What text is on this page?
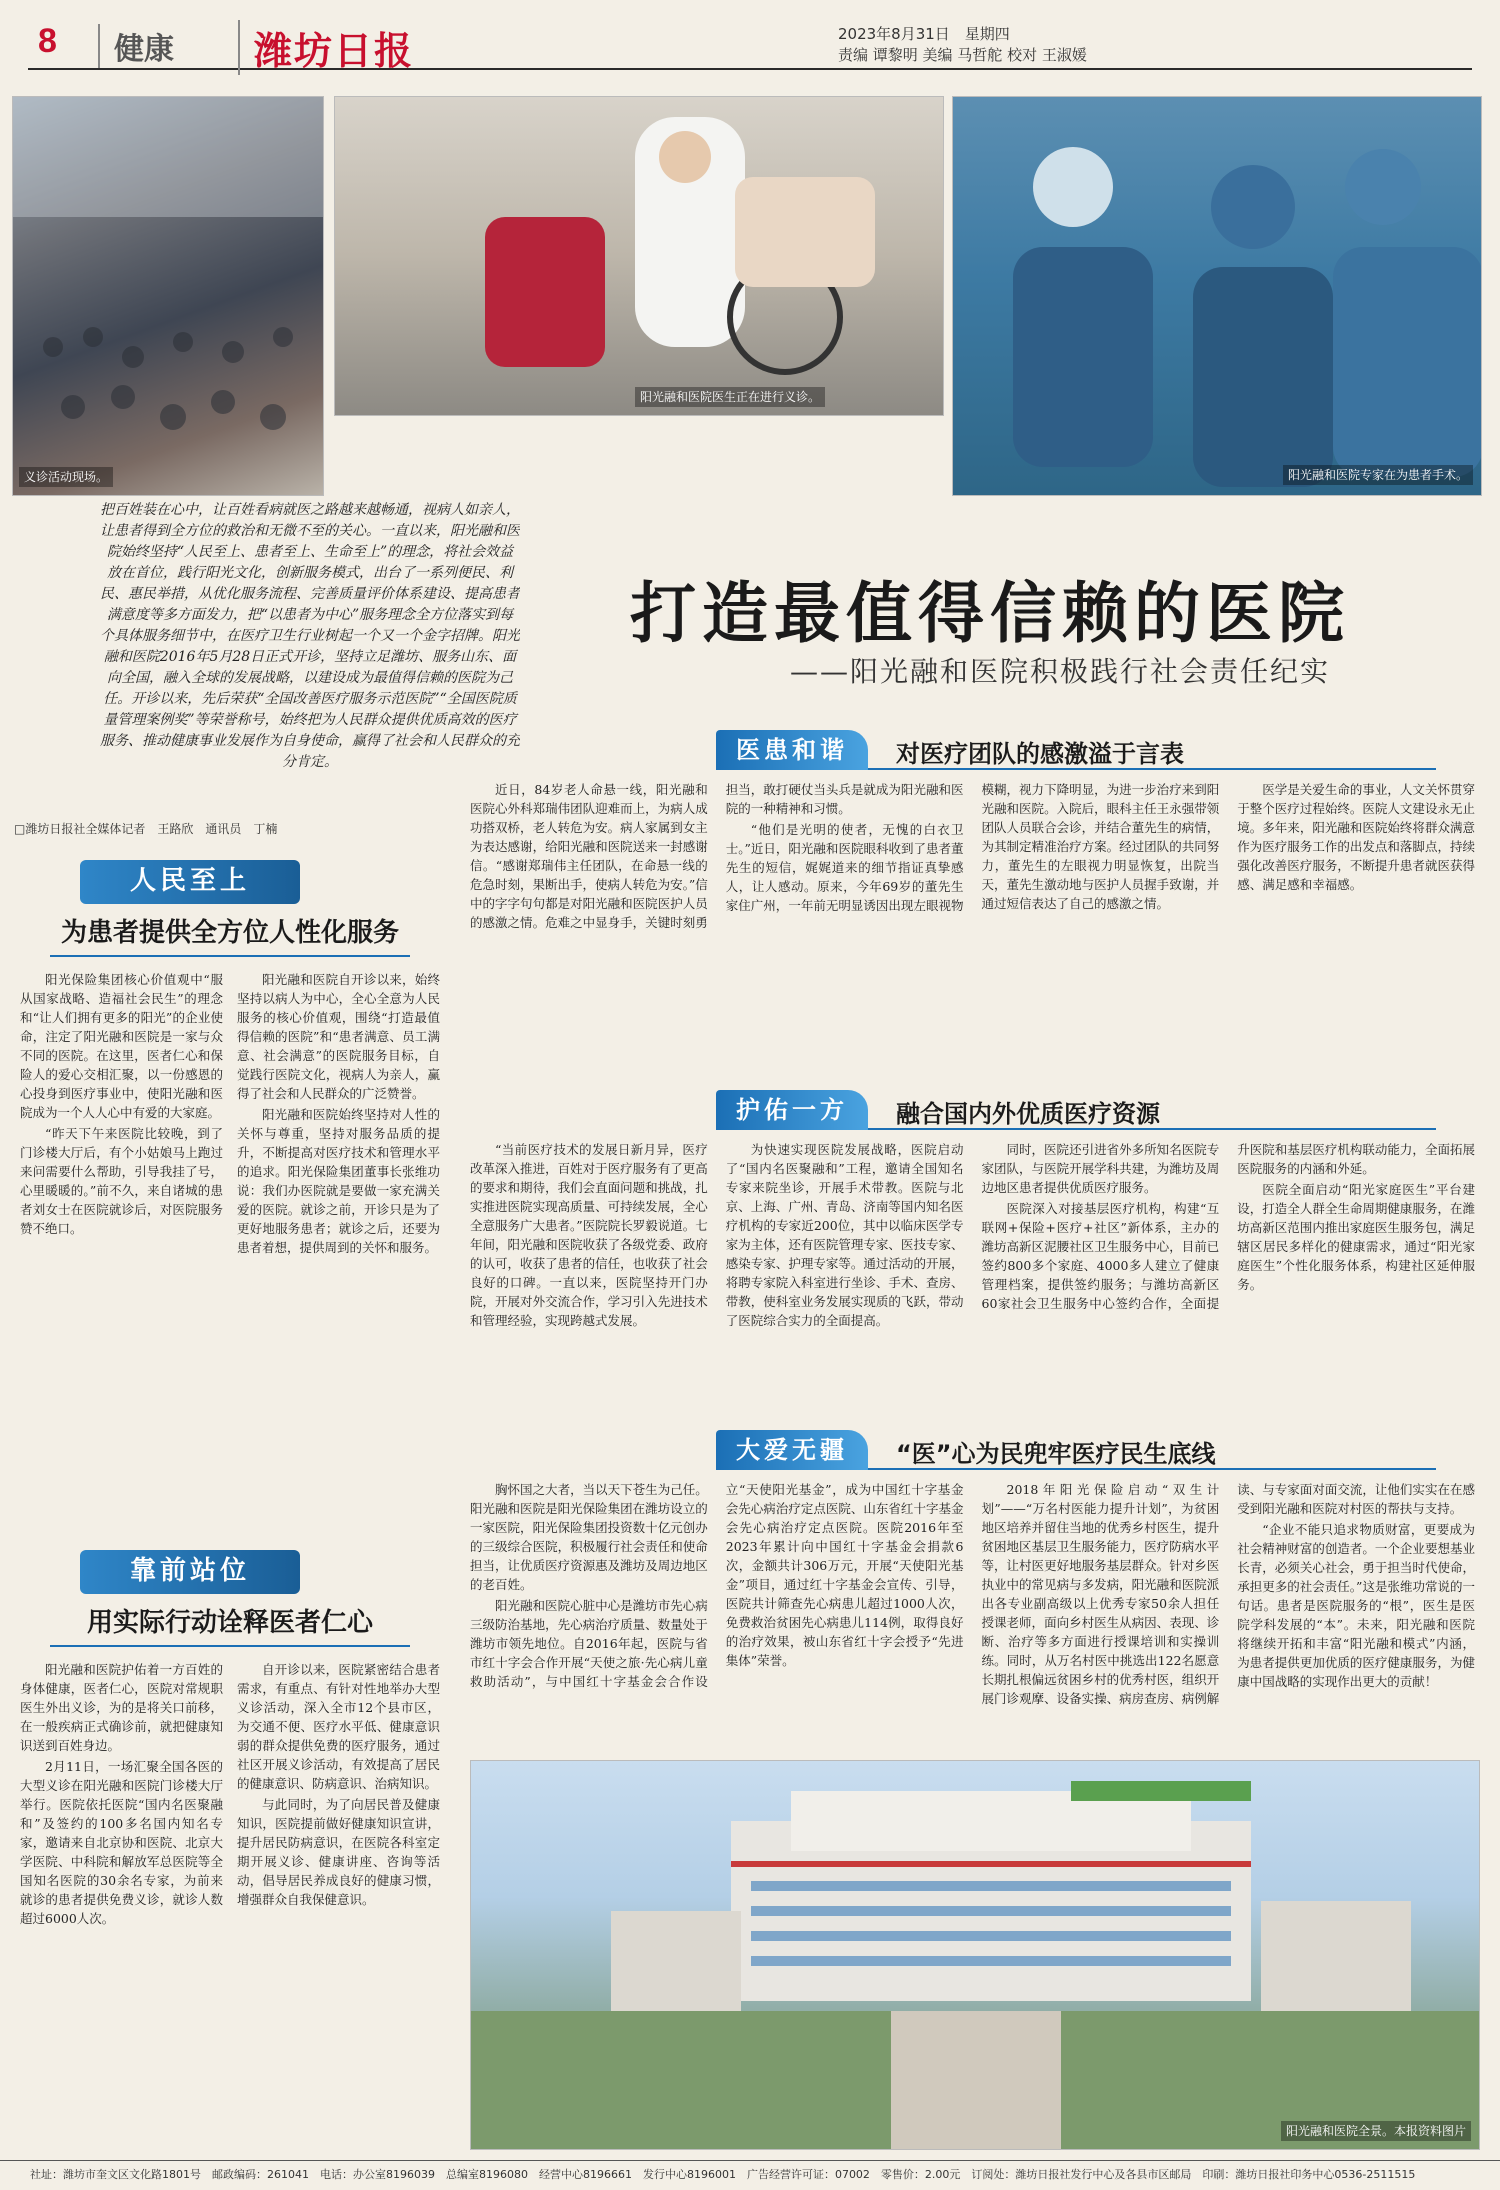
8	健康	潍坊日报	2023年8月31日　星期四
责编 谭黎明 美编 马哲舵 校对 王淑媛
义诊活动现场。
阳光融和医院医生正在进行义诊。
阳光融和医院专家在为患者手术。
把百姓装在心中，让百姓看病就医之路越来越畅通，视病人如亲人，让患者得到全方位的救治和无微不至的关心。一直以来，阳光融和医院始终坚持“人民至上、患者至上、生命至上”的理念，将社会效益放在首位，践行阳光文化，创新服务模式，出台了一系列便民、利民、惠民举措，从优化服务流程、完善质量评价体系建设、提高患者满意度等多方面发力，把“以患者为中心”服务理念全方位落实到每个具体服务细节中，在医疗卫生行业树起一个又一个金字招牌。阳光融和医院2016年5月28日正式开诊，坚持立足潍坊、服务山东、面向全国，融入全球的发展战略，以建设成为最值得信赖的医院为己任。开诊以来，先后荣获“全国改善医疗服务示范医院”“全国医院质量管理案例奖”等荣誉称号，始终把为人民群众提供优质高效的医疗服务、推动健康事业发展作为自身使命，赢得了社会和人民群众的充分肯定。
打造最值得信赖的医院
——阳光融和医院积极践行社会责任纪实
□潍坊日报社全媒体记者　王路欣　通讯员　丁楠
医患和谐	对医疗团队的感激溢于言表

近日，84岁老人命悬一线，阳光融和医院心外科郑瑞伟团队迎难而上，为病人成功搭双桥，老人转危为安。病人家属到女主为表达感谢，给阳光融和医院送来一封感谢信。“感谢郑瑞伟主任团队，在命悬一线的危急时刻，果断出手，使病人转危为安。”信中的字字句句都是对阳光融和医院医护人员的感激之情。危难之中显身手，关键时刻勇担当，敢打硬仗当头兵是就成为阳光融和医院的一种精神和习惯。

“他们是光明的使者，无愧的白衣卫士。”近日，阳光融和医院眼科收到了患者董先生的短信，娓娓道来的细节指证真挚感人，让人感动。原来，今年69岁的董先生家住广州，一年前无明显诱因出现左眼视物模糊，视力下降明显，为进一步治疗来到阳光融和医院。入院后，眼科主任王永强带领团队人员联合会诊，并结合董先生的病情，为其制定精准治疗方案。经过团队的共同努力，董先生的左眼视力明显恢复，出院当天，董先生激动地与医护人员握手致谢，并通过短信表达了自己的感激之情。

医学是关爱生命的事业，人文关怀贯穿于整个医疗过程始终。医院人文建设永无止境。多年来，阳光融和医院始终将群众满意作为医疗服务工作的出发点和落脚点，持续强化改善医疗服务，不断提升患者就医获得感、满足感和幸福感。

护佑一方	融合国内外优质医疗资源

“当前医疗技术的发展日新月异，医疗改革深入推进，百姓对于医疗服务有了更高的要求和期待，我们会直面问题和挑战，扎实推进医院实现高质量、可持续发展，全心全意服务广大患者。”医院院长罗毅说道。七年间，阳光融和医院收获了各级党委、政府的认可，收获了患者的信任，也收获了社会良好的口碑。一直以来，医院坚持开门办院，开展对外交流合作，学习引入先进技术和管理经验，实现跨越式发展。

为快速实现医院发展战略，医院启动了“国内名医聚融和”工程，邀请全国知名专家来院坐诊，开展手术带教。医院与北京、上海、广州、青岛、济南等国内知名医疗机构的专家近200位，其中以临床医学专家为主体，还有医院管理专家、医技专家、感染专家、护理专家等。通过活动的开展，将聘专家院入科室进行坐诊、手术、查房、带教，使科室业务发展实现质的飞跃，带动了医院综合实力的全面提高。

同时，医院还引进省外多所知名医院专家团队，与医院开展学科共建，为潍坊及周边地区患者提供优质医疗服务。

医院深入对接基层医疗机构，构建“互联网+保险+医疗+社区”新体系，主办的潍坊高新区泥腰社区卫生服务中心，目前已签约800多个家庭、4000多人建立了健康管理档案，提供签约服务；与潍坊高新区60家社会卫生服务中心签约合作，全面提升医院和基层医疗机构联动能力，全面拓展医院服务的内涵和外延。

医院全面启动“阳光家庭医生”平台建设，打造全人群全生命周期健康服务，在潍坊高新区范围内推出家庭医生服务包，满足辖区居民多样化的健康需求，通过“阳光家庭医生”个性化服务体系，构建社区延伸服务。

大爱无疆	“医”心为民兜牢医疗民生底线

胸怀国之大者，当以天下苍生为己任。阳光融和医院是阳光保险集团在潍坊设立的一家医院，阳光保险集团投资数十亿元创办的三级综合医院，积极履行社会责任和使命担当，让优质医疗资源惠及潍坊及周边地区的老百姓。

阳光融和医院心脏中心是潍坊市先心病三级防治基地，先心病治疗质量、数量处于潍坊市领先地位。自2016年起，医院与省市红十字会合作开展“天使之旅·先心病儿童救助活动”，与中国红十字基金会合作设立“天使阳光基金”，成为中国红十字基金会先心病治疗定点医院、山东省红十字基金会先心病治疗定点医院。医院2016年至2023年累计向中国红十字基金会捐款6次，金额共计306万元，开展“天使阳光基金”项目，通过红十字基金会宣传、引导，医院共计筛查先心病患儿超过1000人次，免费救治贫困先心病患儿114例，取得良好的治疗效果，被山东省红十字会授予“先进集体”荣誉。

2018年阳光保险启动“双生计划”——“万名村医能力提升计划”，为贫困地区培养并留住当地的优秀乡村医生，提升贫困地区基层卫生服务能力，医疗防病水平等，让村医更好地服务基层群众。针对乡医执业中的常见病与多发病，阳光融和医院派出各专业副高级以上优秀专家50余人担任授课老师，面向乡村医生从病因、表现、诊断、治疗等多方面进行授课培训和实操训练。同时，从万名村医中挑选出122名愿意长期扎根偏远贫困乡村的优秀村医，组织开展门诊观摩、设备实操、病房查房、病例解读、与专家面对面交流，让他们实实在在感受到阳光融和医院对村医的帮扶与支持。

“企业不能只追求物质财富，更要成为社会精神财富的创造者。一个企业要想基业长青，必须关心社会，勇于担当时代使命，承担更多的社会责任。”这是张维功常说的一句话。患者是医院服务的“根”，医生是医院学科发展的“本”。未来，阳光融和医院将继续开拓和丰富“阳光融和模式”内涵，为患者提供更加优质的医疗健康服务，为健康中国战略的实现作出更大的贡献！

人民至上
为患者提供全方位人性化服务

阳光保险集团核心价值观中“服从国家战略、造福社会民生”的理念和“让人们拥有更多的阳光”的企业使命，注定了阳光融和医院是一家与众不同的医院。在这里，医者仁心和保险人的爱心交相汇聚，以一份感恩的心投身到医疗事业中，使阳光融和医院成为一个人人心中有爱的大家庭。

“昨天下午来医院比较晚，到了门诊楼大厅后，有个小姑娘马上跑过来问需要什么帮助，引导我挂了号，心里暖暖的。”前不久，来自诸城的患者刘女士在医院就诊后，对医院服务赞不绝口。

阳光融和医院自开诊以来，始终坚持以病人为中心，全心全意为人民服务的核心价值观，围绕“打造最值得信赖的医院”和“患者满意、员工满意、社会满意”的医院服务目标，自觉践行医院文化，视病人为亲人，赢得了社会和人民群众的广泛赞誉。

阳光融和医院始终坚持对人性的关怀与尊重，坚持对服务品质的提升，不断提高对医疗技术和管理水平的追求。阳光保险集团董事长张维功说：我们办医院就是要做一家充满关爱的医院。就诊之前，开诊只是为了更好地服务患者；就诊之后，还要为患者着想，提供周到的关怀和服务。

靠前站位
用实际行动诠释医者仁心

阳光融和医院护佑着一方百姓的身体健康，医者仁心，医院对常规职医生外出义诊，为的是将关口前移，在一般疾病正式确诊前，就把健康知识送到百姓身边。

2月11日，一场汇聚全国各医的大型义诊在阳光融和医院门诊楼大厅举行。医院依托医院“国内名医聚融和”及签约的100多名国内知名专家，邀请来自北京协和医院、北京大学医院、中科院和解放军总医院等全国知名医院的30余名专家，为前来就诊的患者提供免费义诊，就诊人数超过6000人次。

自开诊以来，医院紧密结合患者需求，有重点、有针对性地举办大型义诊活动，深入全市12个县市区，为交通不便、医疗水平低、健康意识弱的群众提供免费的医疗服务，通过社区开展义诊活动，有效提高了居民的健康意识、防病意识、治病知识。

与此同时，为了向居民普及健康知识，医院提前做好健康知识宣讲，提升居民防病意识，在医院各科室定期开展义诊、健康讲座、咨询等活动，倡导居民养成良好的健康习惯，增强群众自我保健意识。

阳光融和医院全景。本报资料图片
社址：潍坊市奎文区文化路1801号　邮政编码：261041　电话：办公室8196039　总编室8196080　经营中心8196661　发行中心8196001　广告经营许可证：07002　零售价：2.00元　订阅处：潍坊日报社发行中心及各县市区邮局　印刷：潍坊日报社印务中心0536-2511515
